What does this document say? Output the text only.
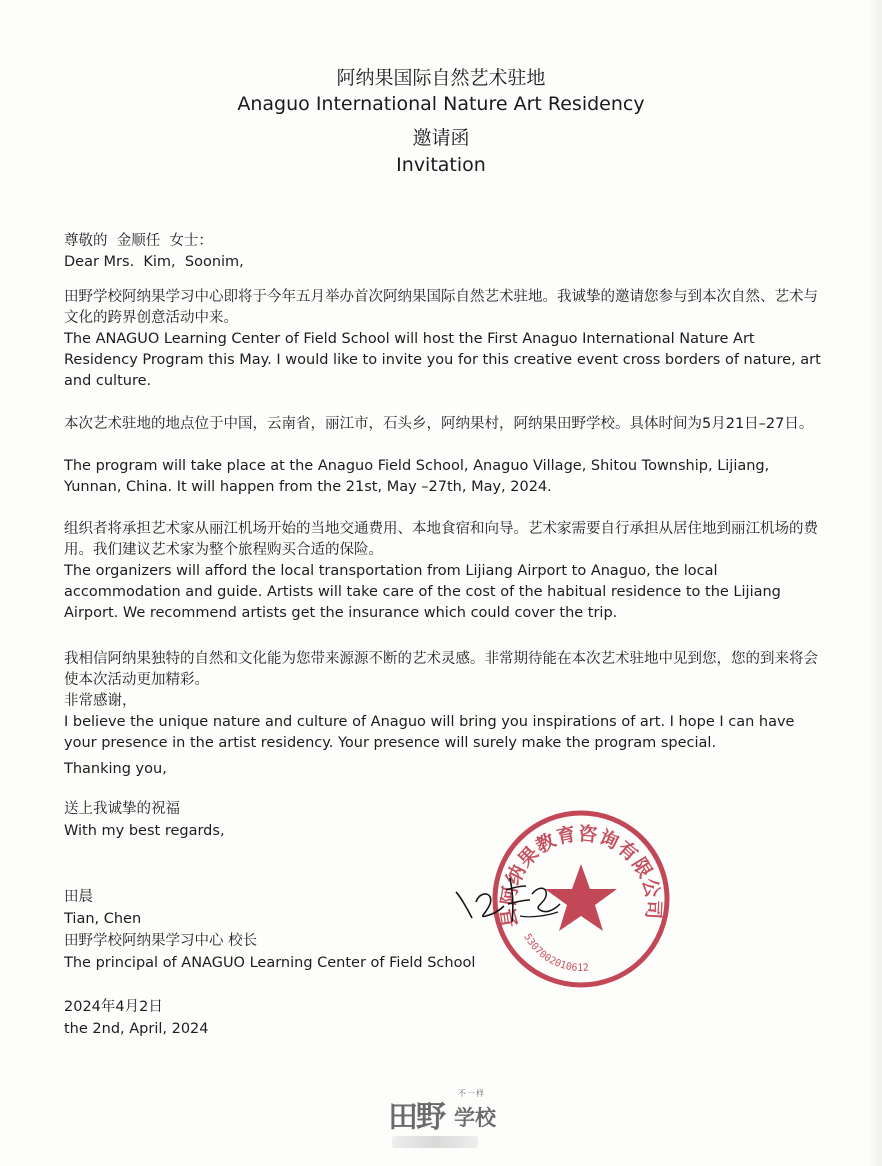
阿纳果国际自然艺术驻地
Anaguo International Nature Art Residency
邀请函
Invitation
尊敬的  金顺任  女士：
Dear Mrs.  Kim,  Soonim,
田野学校阿纳果学习中心即将于今年五月举办首次阿纳果国际自然艺术驻地。我诚挚的邀请您参与到本次自然、艺术与文化的跨界创意活动中来。
The ANAGUO Learning Center of Field School will host the First Anaguo International Nature Art Residency Program this May. I would like to invite you for this creative event cross borders of nature, art and culture.
本次艺术驻地的地点位于中国，云南省，丽江市，石头乡，阿纳果村，阿纳果田野学校。具体时间为5月21日–27日。
The program will take place at the Anaguo Field School, Anaguo Village, Shitou Township, Lijiang, Yunnan, China. It will happen from the 21st, May –27th, May, 2024.
组织者将承担艺术家从丽江机场开始的当地交通费用、本地食宿和向导。艺术家需要自行承担从居住地到丽江机场的费用。我们建议艺术家为整个旅程购买合适的保险。
The organizers will afford the local transportation from Lijiang Airport to Anaguo, the local accommodation and guide. Artists will take care of the cost of the habitual residence to the Lijiang Airport. We recommend artists get the insurance which could cover the trip.
我相信阿纳果独特的自然和文化能为您带来源源不断的艺术灵感。非常期待能在本次艺术驻地中见到您，您的到来将会使本次活动更加精彩。
非常感谢，
I believe the unique nature and culture of Anaguo will bring you inspirations of art. I hope I can have your presence in the artist residency. Your presence will surely make the program special.
Thanking you,
送上我诚挚的祝福
With my best regards,
田晨
Tian, Chen
田野学校阿纳果学习中心 校长
The principal of ANAGUO Learning Center of Field School
2024年4月2日
the 2nd, April, 2024
县阿纳果教育咨询有限公司
5307002010612
田野
不一样
学校
